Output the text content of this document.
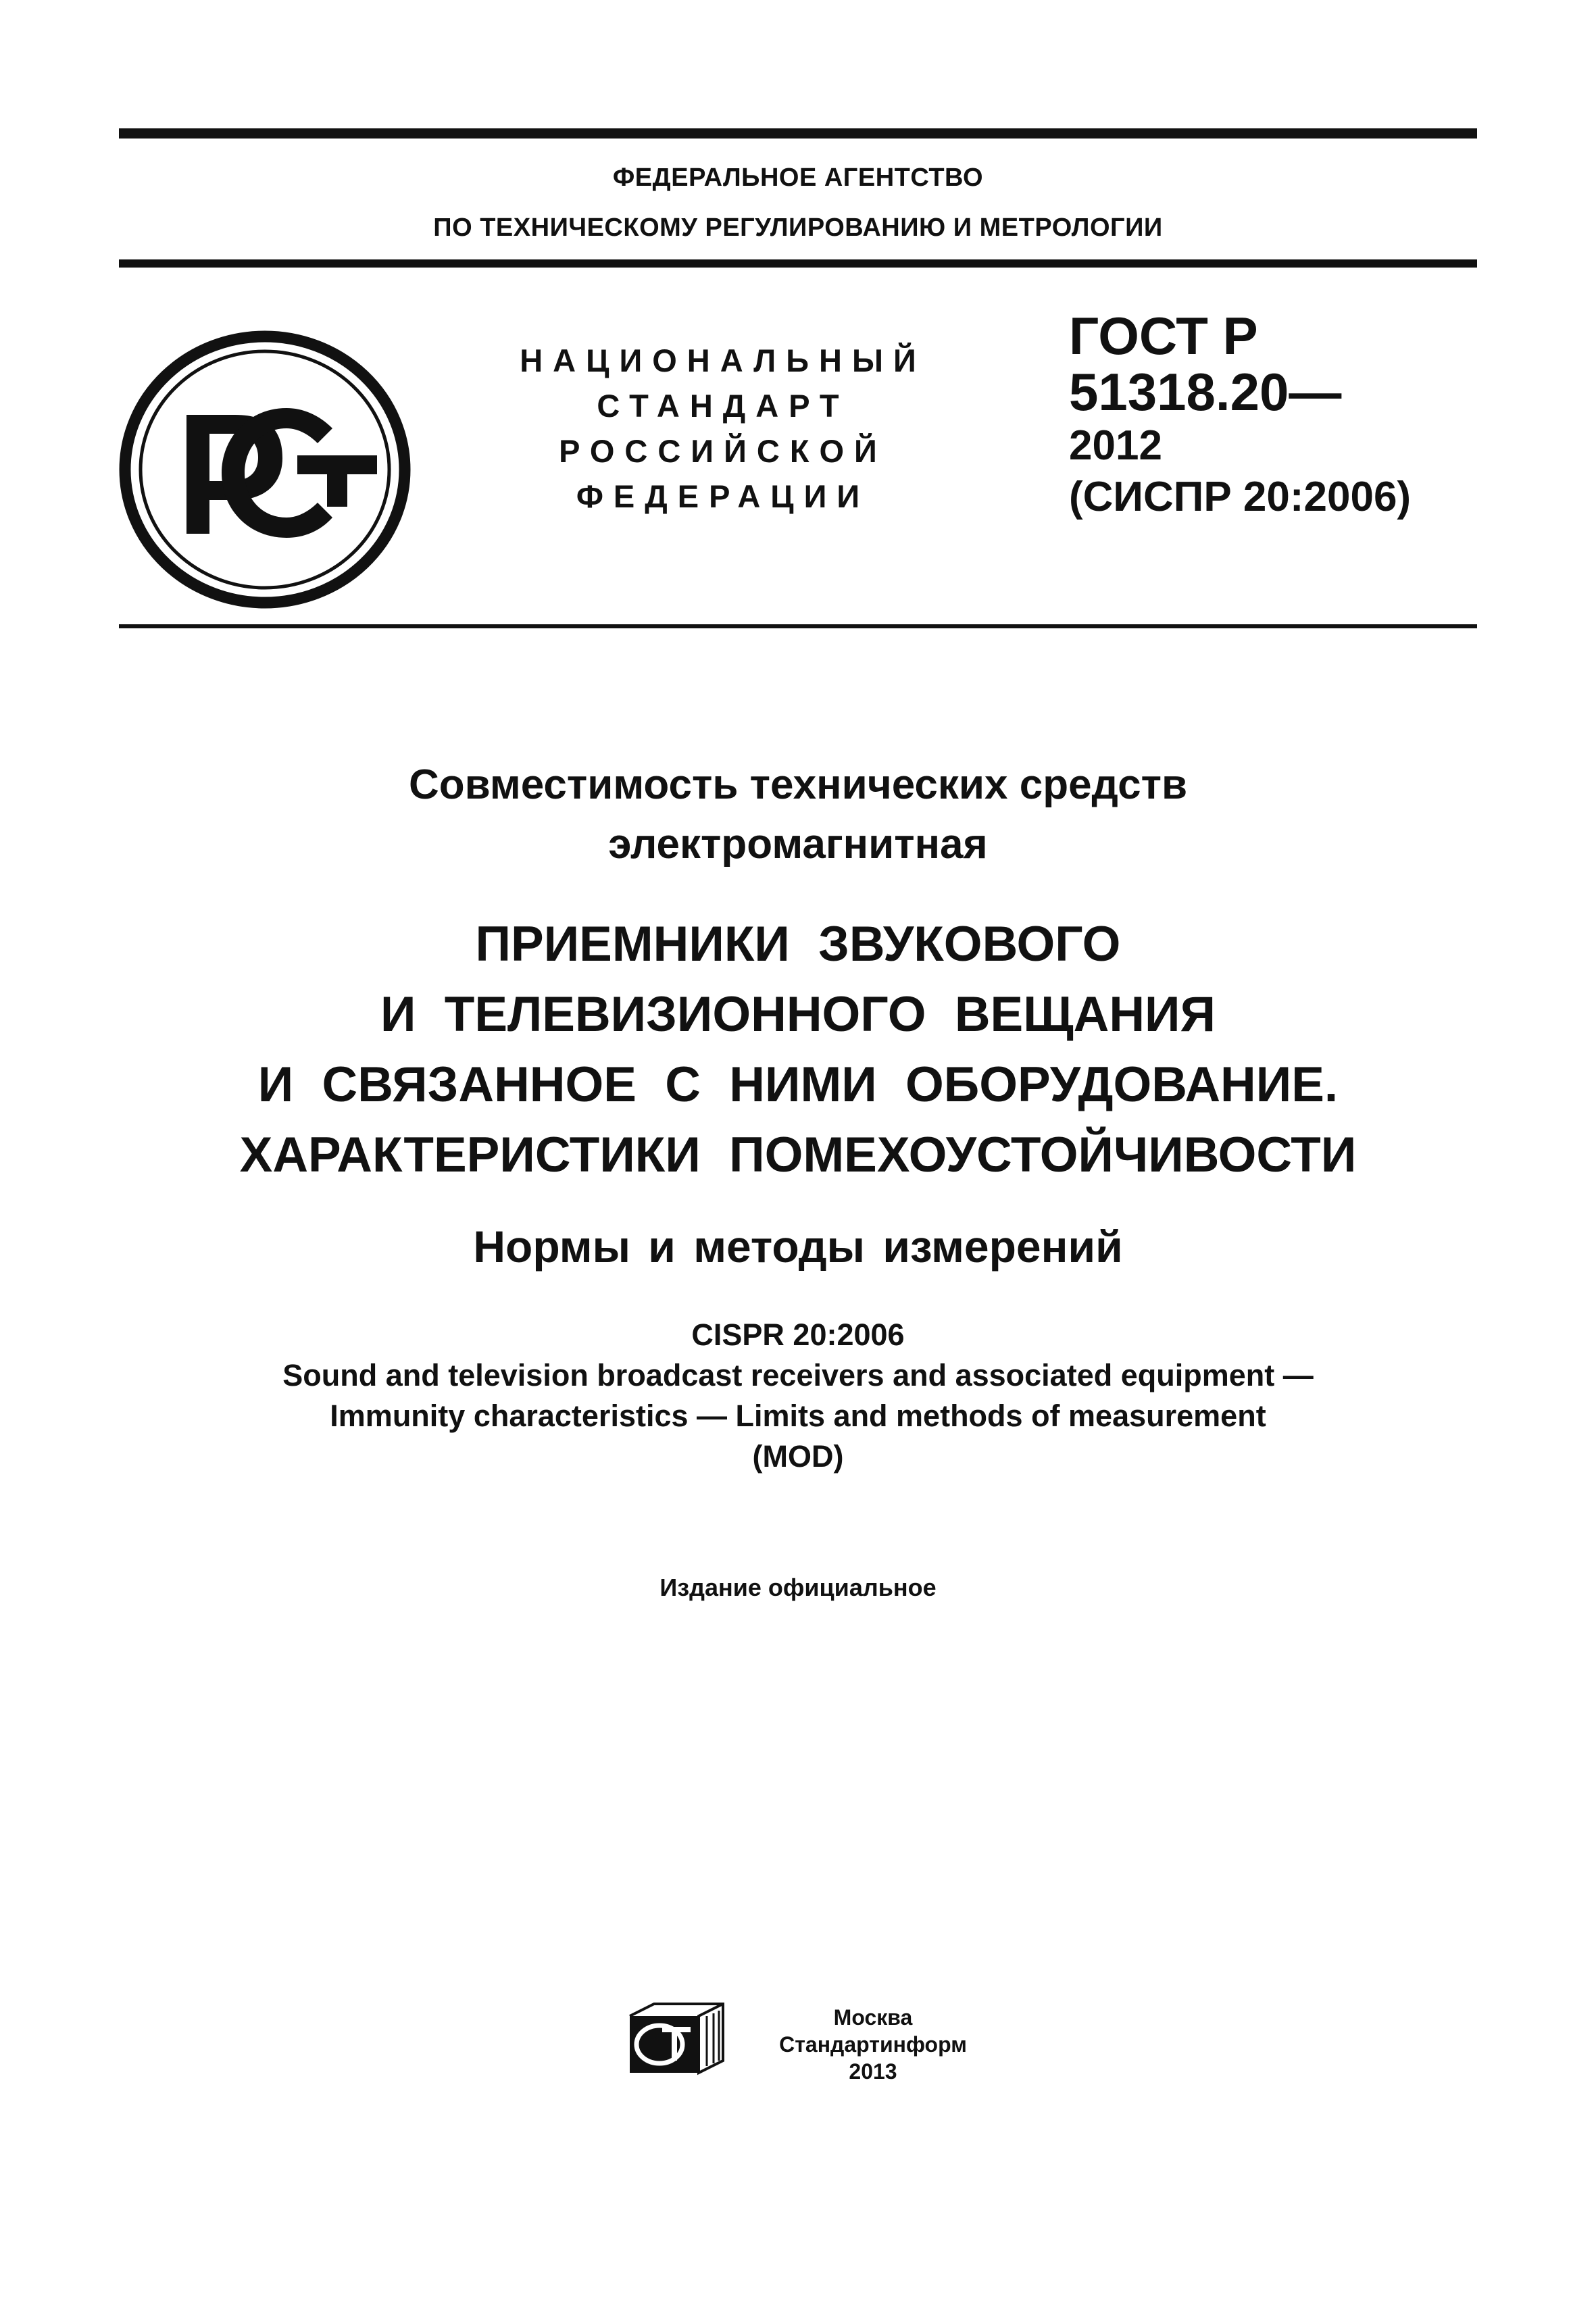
ФЕДЕРАЛЬНОЕ АГЕНТСТВО
ПО ТЕХНИЧЕСКОМУ РЕГУЛИРОВАНИЮ И МЕТРОЛОГИИ
НАЦИОНАЛЬНЫЙ
СТАНДАРТ
РОССИЙСКОЙ
ФЕДЕРАЦИИ
ГОСТ Р
51318.20—
2012
(СИСПР 20:2006)
Совместимость технических средств
электромагнитная
ПРИЕМНИКИ ЗВУКОВОГО
И ТЕЛЕВИЗИОННОГО ВЕЩАНИЯ
И СВЯЗАННОЕ С НИМИ ОБОРУДОВАНИЕ.
ХАРАКТЕРИСТИКИ ПОМЕХОУСТОЙЧИВОСТИ
Нормы и методы измерений
CISPR 20:2006
Sound and television broadcast receivers and associated equipment —
Immunity characteristics — Limits and methods of measurement
(MOD)
Издание официальное
Москва
Стандартинформ
2013
